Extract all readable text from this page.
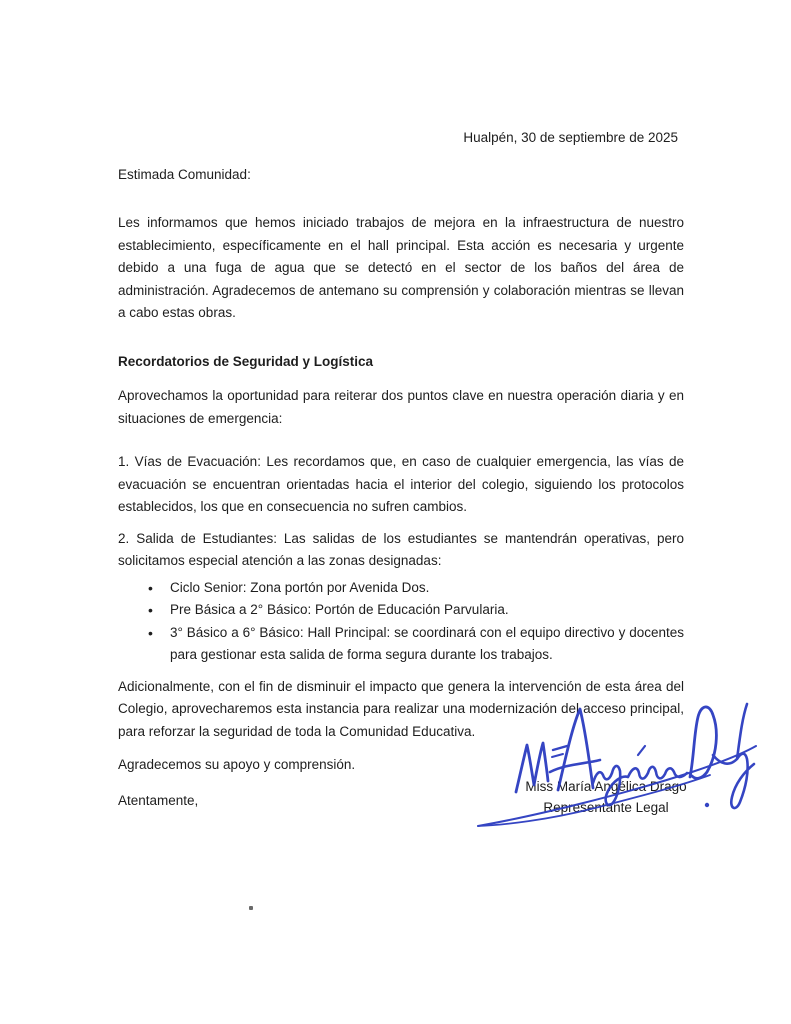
Hualpén, 30 de septiembre de 2025
Estimada Comunidad:

Les informamos que hemos iniciado trabajos de mejora en la infraestructura de nuestro establecimiento, específicamente en el hall principal. Esta acción es necesaria y urgente debido a una fuga de agua que se detectó en el sector de los baños del área de administración. Agradecemos de antemano su comprensión y colaboración mientras se llevan a cabo estas obras.

Recordatorios de Seguridad y Logística

Aprovechamos la oportunidad para reiterar dos puntos clave en nuestra operación diaria y en situaciones de emergencia:

1. Vías de Evacuación: Les recordamos que, en caso de cualquier emergencia, las vías de evacuación se encuentran orientadas hacia el interior del colegio, siguiendo los protocolos establecidos, los que en consecuencia no sufren cambios.

2. Salida de Estudiantes: Las salidas de los estudiantes se mantendrán operativas, pero solicitamos especial atención a las zonas designadas:

• Ciclo Senior: Zona portón por Avenida Dos.
• Pre Básica a 2° Básico: Portón de Educación Parvularia.
• 3° Básico a 6° Básico: Hall Principal: se coordinará con el equipo directivo y docentes para gestionar esta salida de forma segura durante los trabajos.

Adicionalmente, con el fin de disminuir el impacto que genera la intervención de esta área del Colegio, aprovecharemos esta instancia para realizar una modernización del acceso principal, para reforzar la seguridad de toda la Comunidad Educativa.

Agradecemos su apoyo y comprensión.
Atentamente,
Miss María Angélica Drago
Representante Legal
